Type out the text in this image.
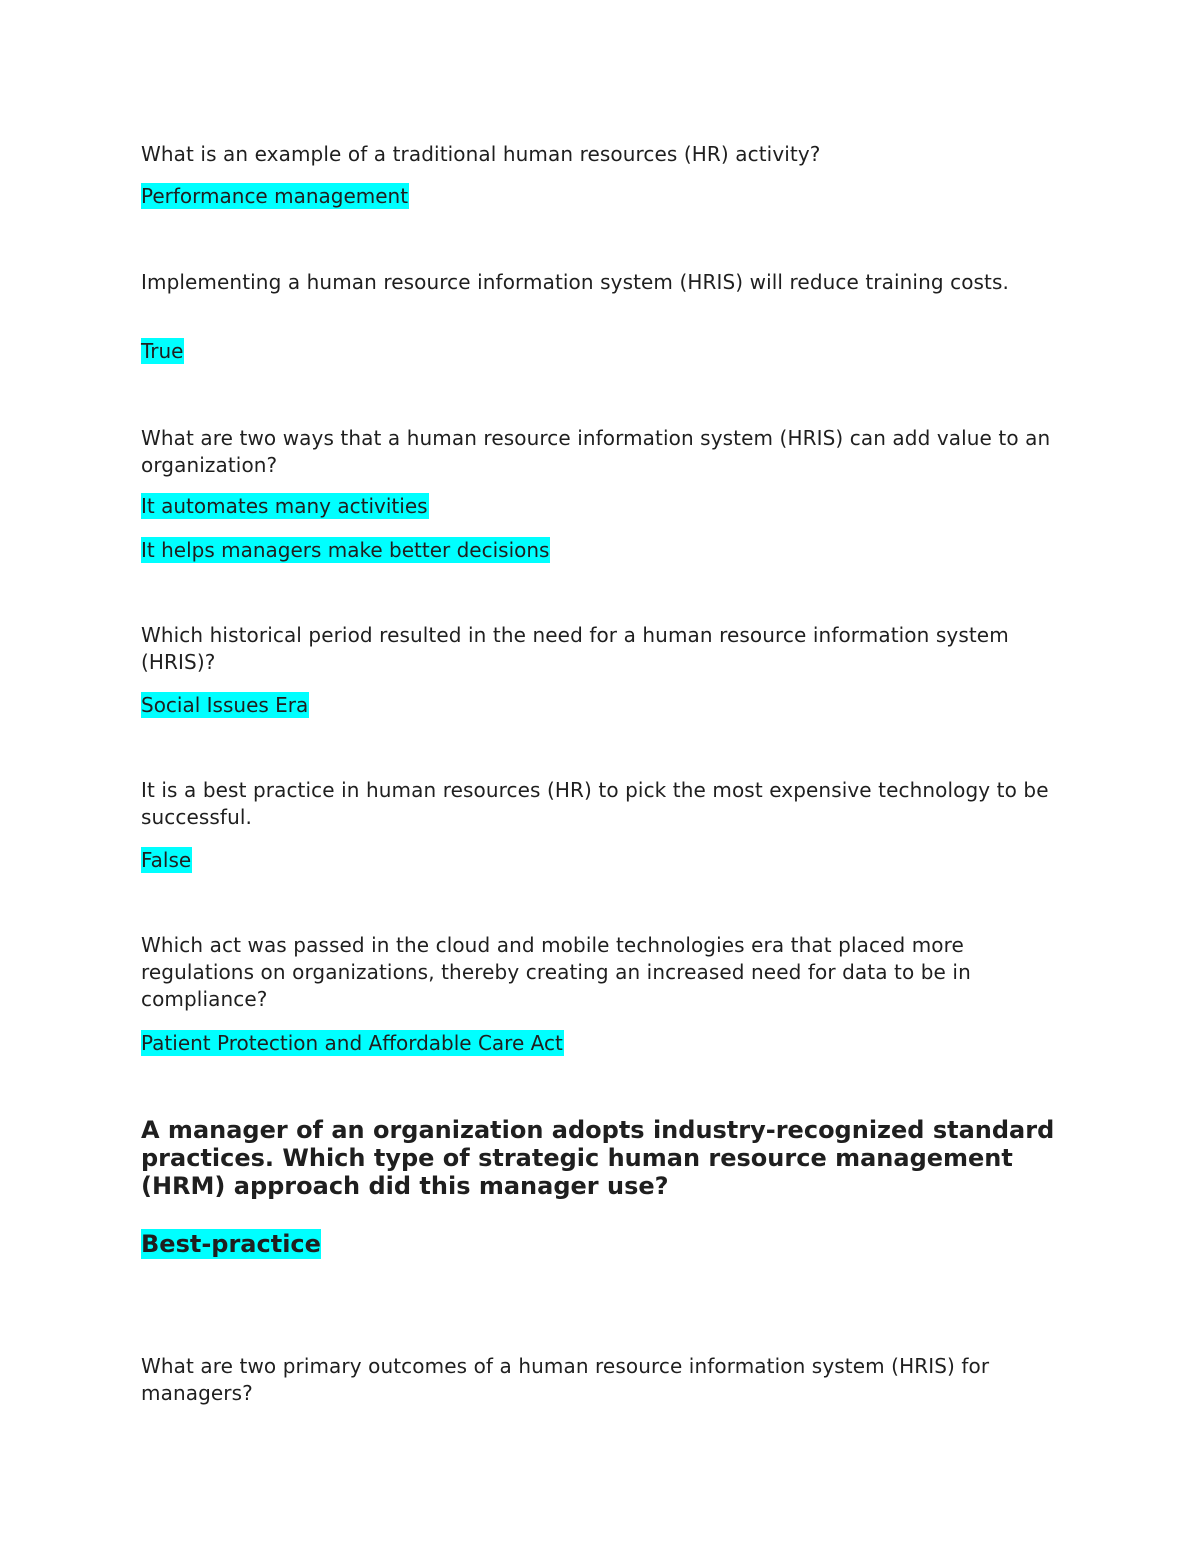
What is an example of a traditional human resources (HR) activity?

Performance management

Implementing a human resource information system (HRIS) will reduce training costs.

True

What are two ways that a human resource information system (HRIS) can add value to an organization?

It automates many activities
It helps managers make better decisions

Which historical period resulted in the need for a human resource information system (HRIS)?

Social Issues Era

It is a best practice in human resources (HR) to pick the most expensive technology to be successful.

False

Which act was passed in the cloud and mobile technologies era that placed more regulations on organizations, thereby creating an increased need for data to be in compliance?

Patient Protection and Affordable Care Act

A manager of an organization adopts industry-recognized standard practices. Which type of strategic human resource management (HRM) approach did this manager use?

Best-practice

What are two primary outcomes of a human resource information system (HRIS) for managers?
